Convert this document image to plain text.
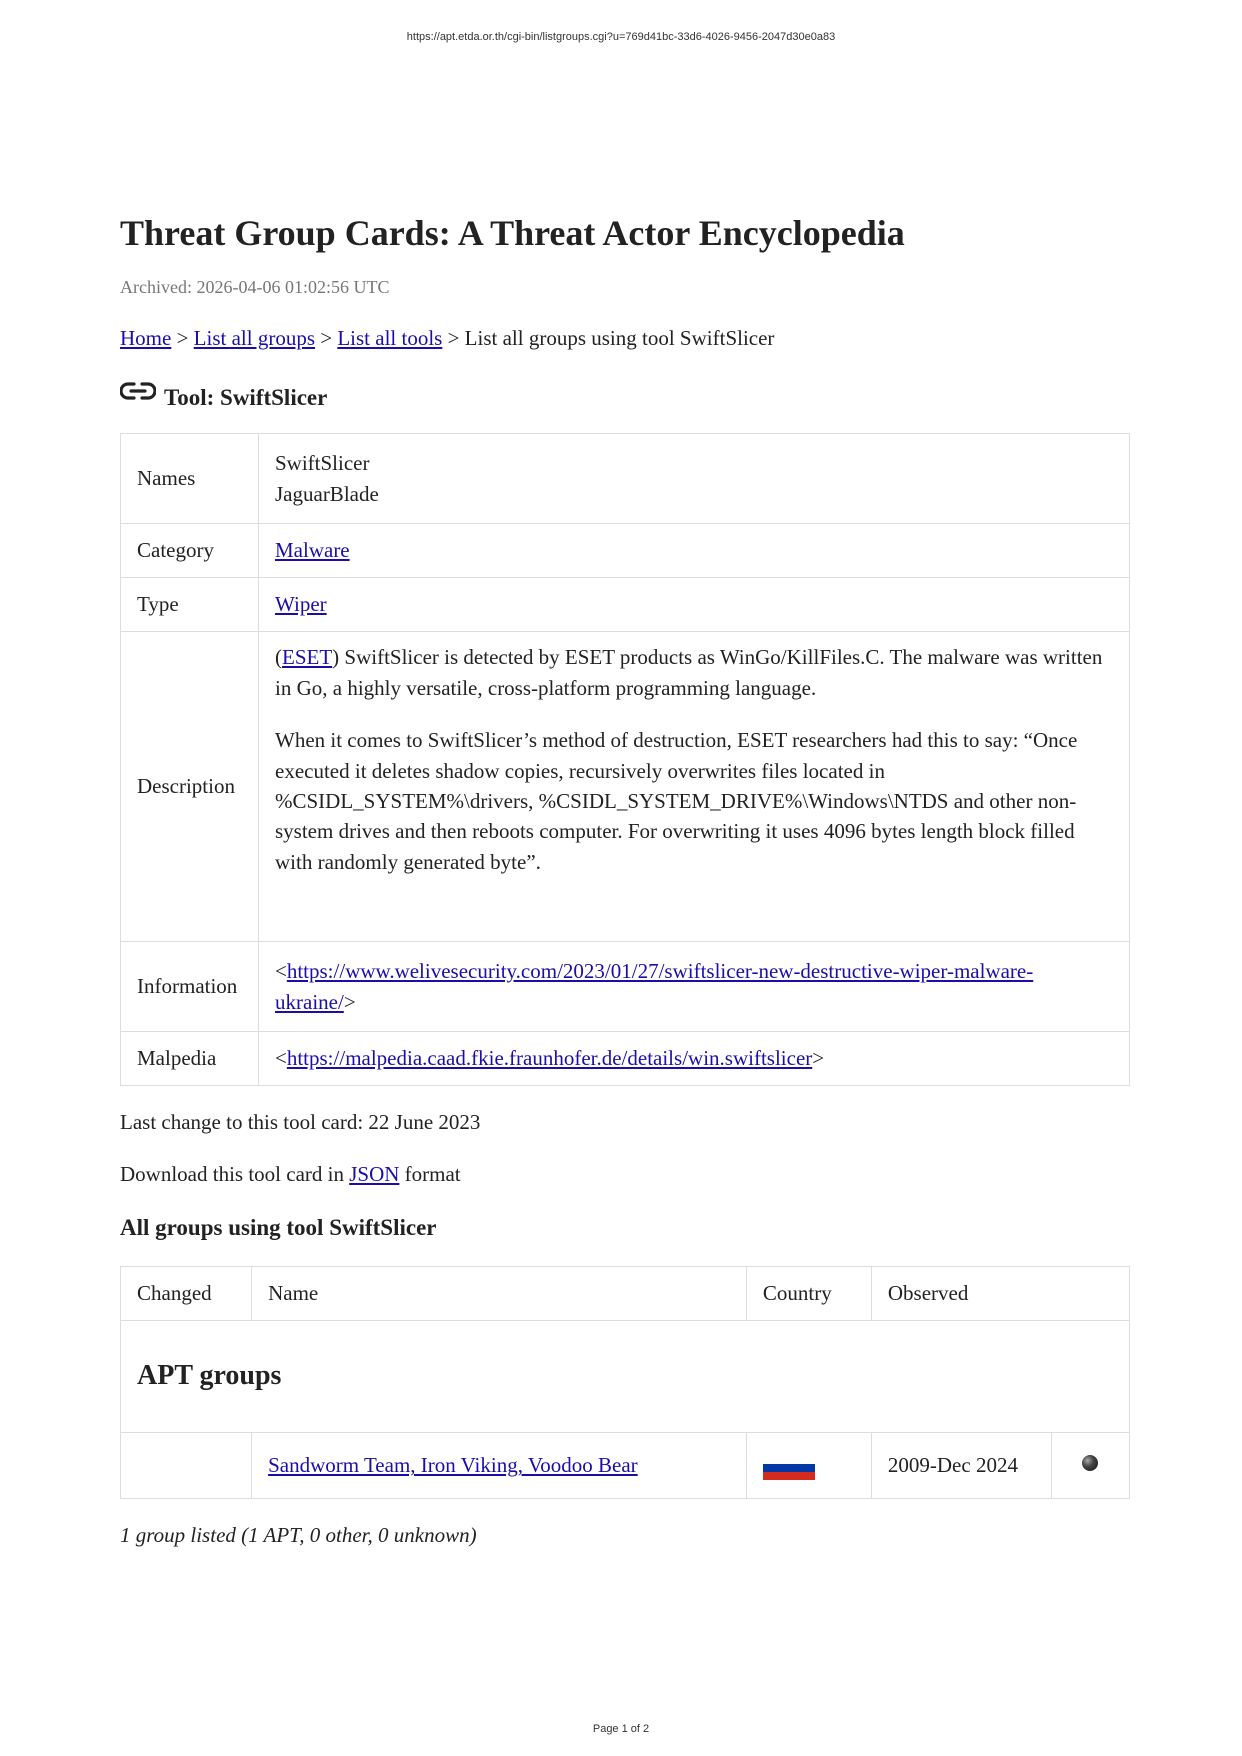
https://apt.etda.or.th/cgi-bin/listgroups.cgi?u=769d41bc-33d6-4026-9456-2047d30e0a83
Threat Group Cards: A Threat Actor Encyclopedia
Archived: 2026-04-06 01:02:56 UTC
Home > List all groups > List all tools > List all groups using tool SwiftSlicer
Tool: SwiftSlicer
Names	SwiftSlicer
JaguarBlade

Category	Malware
Type	Wiper
Description	(ESET) SwiftSlicer is detected by ESET products as WinGo/KillFiles.C. The malware was written in Go, a highly versatile, cross-platform programming language.

When it comes to SwiftSlicer’s method of destruction, ESET researchers had this to say: “Once executed it deletes shadow copies, recursively overwrites files located in %CSIDL_SYSTEM%\drivers, %CSIDL_SYSTEM_DRIVE%\Windows\NTDS and other non-system drives and then reboots computer. For overwriting it uses 4096 bytes length block filled with randomly generated byte”.

Information	<https://www.welivesecurity.com/2023/01/27/swiftslicer-new-destructive-wiper-malware-ukraine/>
Malpedia	<https://malpedia.caad.fkie.fraunhofer.de/details/win.swiftslicer>
Last change to this tool card: 22 June 2023
Download this tool card in JSON format
All groups using tool SwiftSlicer
Changed	Name	Country	Observed	
APT groups				
	Sandworm Team, Iron Viking, Voodoo Bear		2009-Dec 2024	
1 group listed (1 APT, 0 other, 0 unknown)
Page 1 of 2
